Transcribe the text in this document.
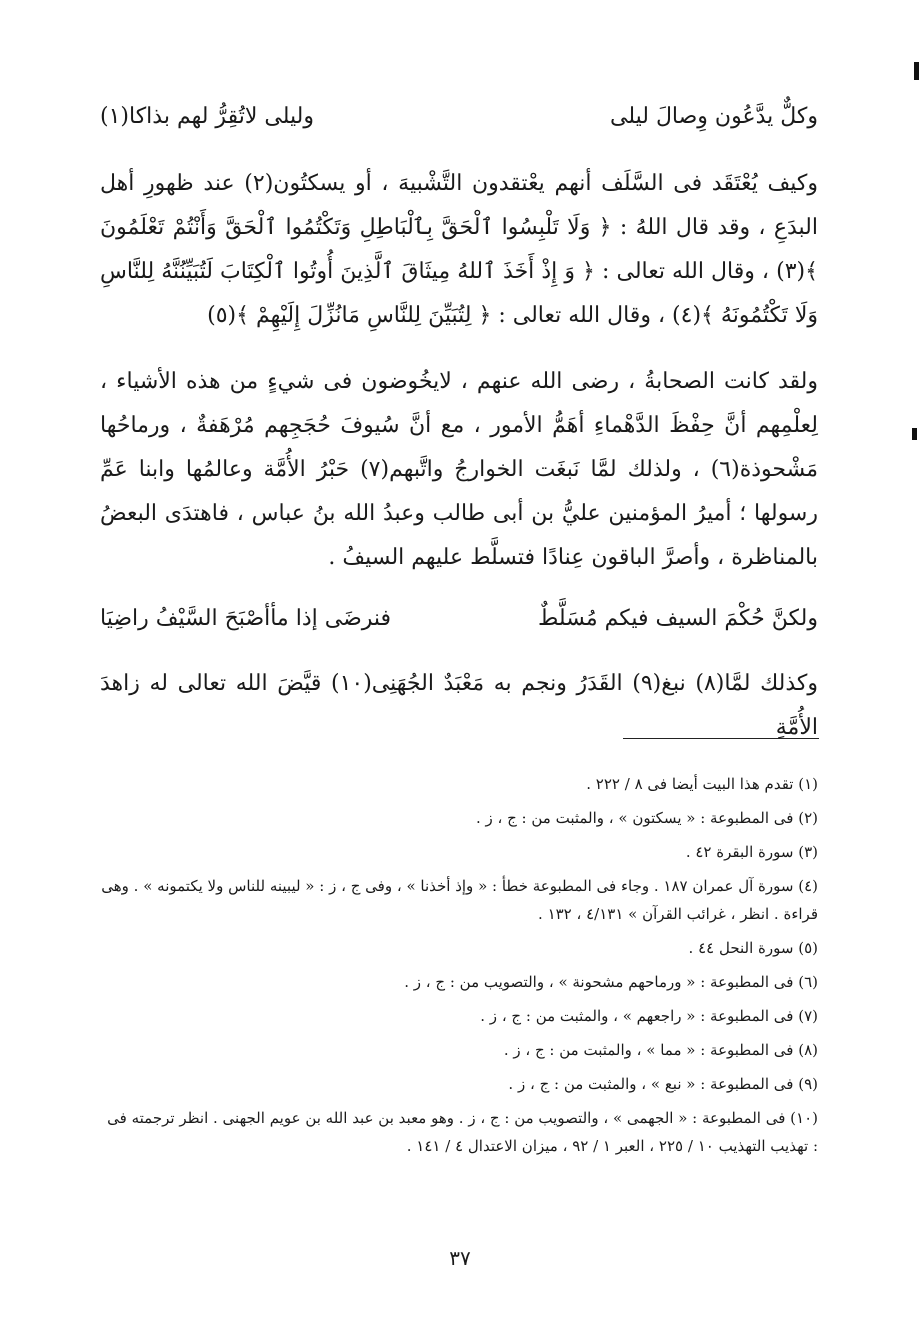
وكلٌّ يدَّعُون وِصالَ ليلى
وليلى لاتُقِرُّ لهم بذاكا(١)
وكيف يُعْتَقَد فى السَّلَف أنهم يعْتقدون التَّشْبيهَ ، أو يسكتُون(٢) عند ظهورِ أهل البدَعِ ، وقد قال اللهُ : ﴿ وَلَا تَلْبِسُوا ٱلْحَقَّ بِٱلْبَاطِلِ وَتَكْتُمُوا ٱلْحَقَّ وَأَنْتُمْ تَعْلَمُونَ ﴾(٣) ، وقال الله تعالى : ﴿ وَ إِذْ أَخَذَ ٱللهُ مِيثَاقَ ٱلَّذِينَ أُوتُوا ٱلْكِتَابَ لَتُبَيِّنُنَّهُ لِلنَّاسِ وَلَا تَكْتُمُونَهُ ﴾(٤) ، وقال الله تعالى : ﴿ لِتُبَيِّنَ لِلنَّاسِ مَانُزِّلَ إِلَيْهِمْ ﴾(٥)
ولقد كانت الصحابةُ ، رضى الله عنهم ، لايخُوضون فى شيءٍ من هذه الأشياء ، لِعلْمِهم أنَّ حِفْظَ الدَّهْماءِ أهَمُّ الأمور ، مع أنَّ سُيوفَ حُجَجِهم مُرْهَفةٌ ، ورماحُها مَشْحوذة(٦) ، ولذلك لمَّا نَبغَت الخوارجُ واتَّبهم(٧) حَبْرُ الأُمَّة وعالمُها وابنا عَمِّ رسولها ؛ أميرُ المؤمنين عليُّ بن أبى طالب وعبدُ الله بنُ عباس ، فاهتدَى البعضُ بالمناظرة ، وأصرَّ الباقون عِنادًا فتسلَّط عليهم السيفُ .
ولكنَّ حُكْمَ السيف فيكم مُسَلَّطٌ
فنرضَى إذا مأأصْبَحَ السَّيْفُ راضِيَا
وكذلك لمَّا(٨) نبغ(٩) القَدَرُ ونجم به مَعْبَدٌ الجُهَنِى(١٠) قيَّضَ الله تعالى له زاهدَ الأُمَّةِ

(١) تقدم هذا البيت أيضا فى ٨ / ٢٢٢ .

(٢) فى المطبوعة : « يسكتون » ، والمثبت من : ج ، ز .

(٣) سورة البقرة ٤٢ .

(٤) سورة آل عمران ١٨٧ . وجاء فى المطبوعة خطأ : « وإذ أخذنا » ، وفى ج ، ز : « ليبينه للناس ولا يكتمونه » . وهى قراءة . انظر ، غرائب القرآن » ٤/١٣١ ، ١٣٢ .

(٥) سورة النحل ٤٤ .

(٦) فى المطبوعة : « ورماحهم مشحونة » ، والتصويب من : ج ، ز .

(٧) فى المطبوعة : « راجعهم » ، والمثبت من : ج ، ز .

(٨) فى المطبوعة : « مما » ، والمثبت من : ج ، ز .

(٩) فى المطبوعة : « نبع » ، والمثبت من : ج ، ز .

(١٠) فى المطبوعة : « الجهمى » ، والتصويب من : ج ، ز . وهو معبد بن عبد الله بن عويم الجهنى . انظر ترجمته فى : تهذيب التهذيب ١٠ / ٢٢٥ ، العبر ١ / ٩٢ ، ميزان الاعتدال ٤ / ١٤١ .

٣٧
